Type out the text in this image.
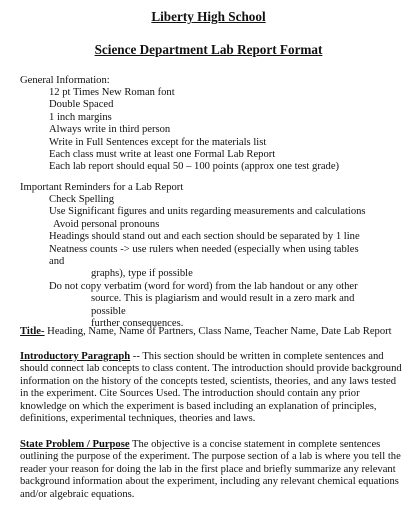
Liberty High School
Science Department Lab Report Format
General Information:
12 pt Times New Roman font
Double Spaced
1 inch margins
Always write in third person
Write in Full Sentences except for the materials list
Each class must write at least one Formal Lab Report
Each lab report should equal 50 – 100 points (approx one test grade)
Important Reminders for a Lab Report
Check Spelling
Use Significant figures and units regarding measurements and calculations
Avoid personal pronouns
Headings should stand out and each section should be separated by 1 line
Neatness counts -> use rulers when needed (especially when using tables and
graphs), type if possible
Do not copy verbatim (word for word) from the lab handout or any other
source. This is plagiarism and would result in a zero mark and possible
further consequences.

Title- Heading, Name, Name of Partners, Class Name, Teacher Name, Date Lab Report

Introductory Paragraph -- This section should be written in complete sentences and should connect lab concepts to class content. The introduction should provide background information on the history of the concepts tested, scientists, theories, and any laws tested in the experiment. Cite Sources Used. The introduction should contain any prior knowledge on which the experiment is based including an explanation of principles, definitions, experimental techniques, theories and laws.

State Problem / Purpose The objective is a concise statement in complete sentences outlining the purpose of the experiment. The purpose section of a lab is where you tell the reader your reason for doing the lab in the first place and briefly summarize any relevant background information about the experiment, including any relevant chemical equations and/or algebraic equations.
